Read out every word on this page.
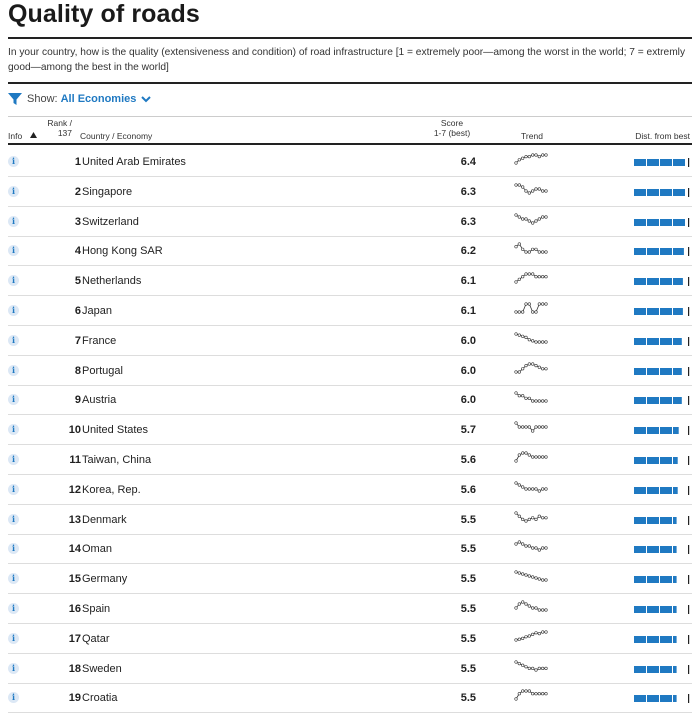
Quality of roads
In your country, how is the quality (extensiveness and condition) of road infrastructure [1 = extremely poor—among the worst in the world; 7 = extremly good—among the best in the world]
Show: All Economies
Info
Rank /
137 Country / Economy
Score
1-7 (best)	Trend	Dist. from best
i
1 United Arab Emirates	6.4
i
2 Singapore	6.3
i
3 Switzerland	6.3
i
4 Hong Kong SAR	6.2
i
5 Netherlands	6.1
i
6 Japan	6.1
i
7 France	6.0
i
8 Portugal	6.0
i
9 Austria	6.0
i
10 United States	5.7
i
11 Taiwan, China	5.6
i
12 Korea, Rep.	5.6
i
13 Denmark	5.5
i
14 Oman	5.5
i
15 Germany	5.5
i
16 Spain	5.5
i
17 Qatar	5.5
i
18 Sweden	5.5
i
19 Croatia	5.5
